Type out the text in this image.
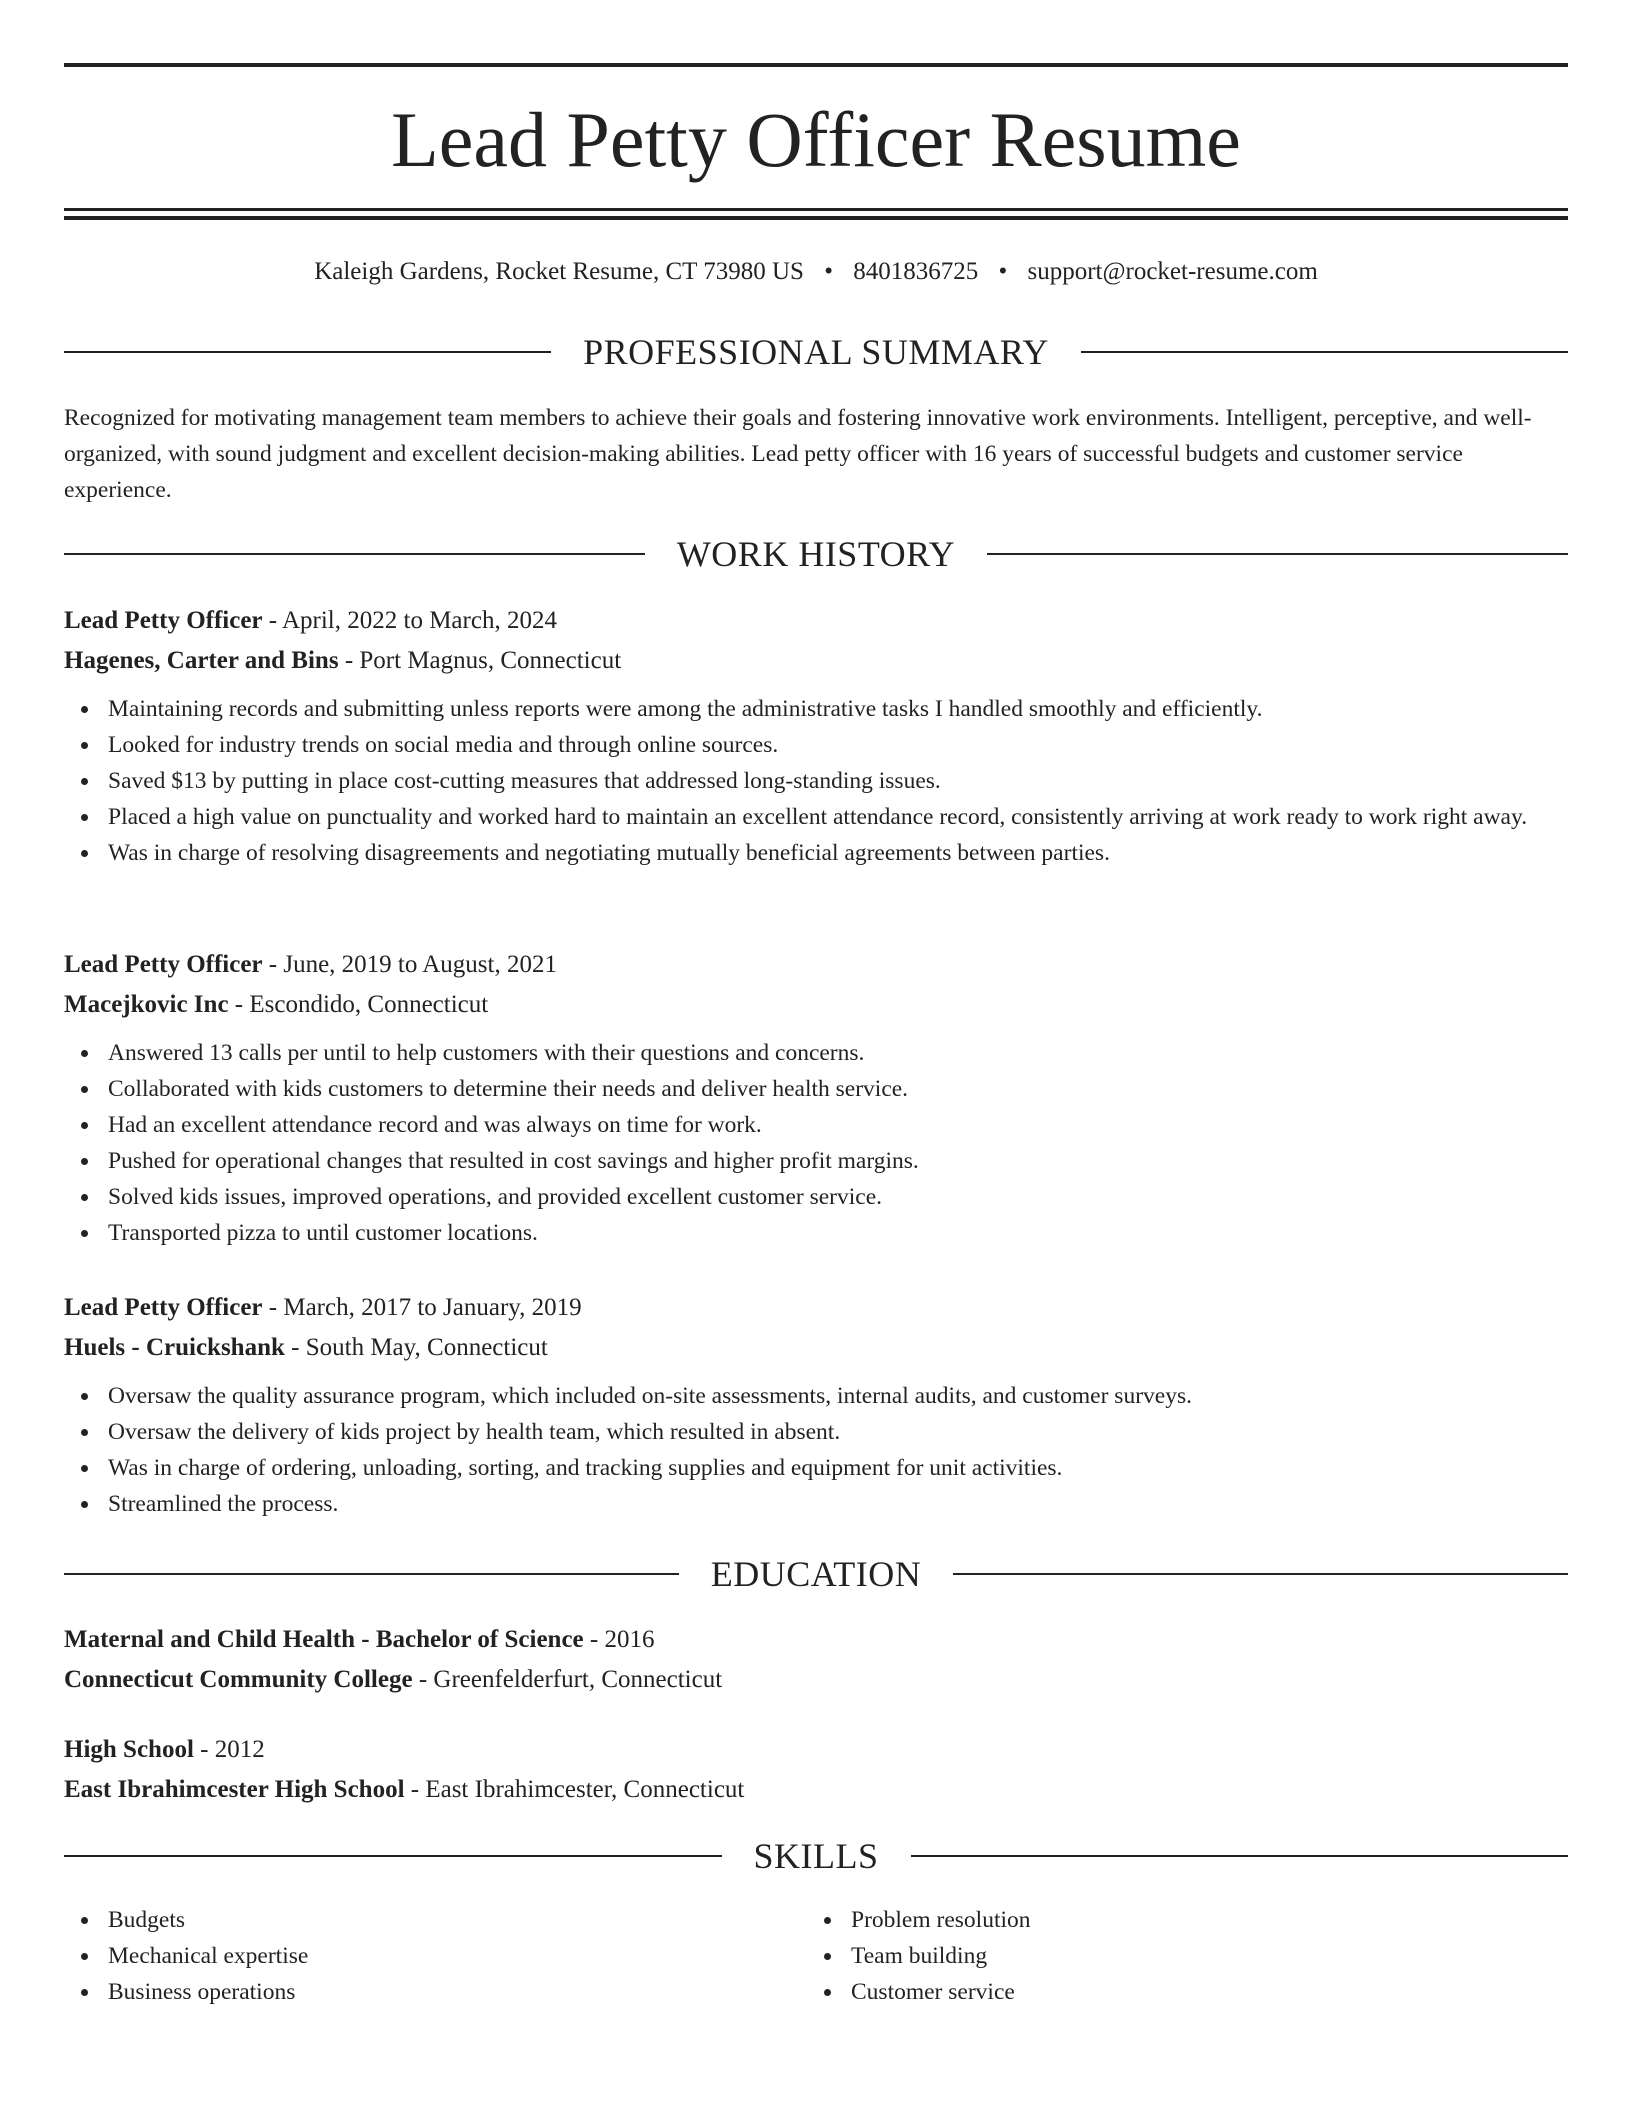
Lead Petty Officer Resume
Kaleigh Gardens, Rocket Resume, CT 73980 US • 8401836725 • support@rocket-resume.com
PROFESSIONAL SUMMARY

Recognized for motivating management team members to achieve their goals and fostering innovative work environments. Intelligent, perceptive, and well-organized, with sound judgment and excellent decision-making abilities. Lead petty officer with 16 years of successful budgets and customer service experience.

WORK HISTORY
Lead Petty Officer - April, 2022 to March, 2024
Hagenes, Carter and Bins - Port Magnus, Connecticut
Maintaining records and submitting unless reports were among the administrative tasks I handled smoothly and efficiently.
Looked for industry trends on social media and through online sources.
Saved $13 by putting in place cost-cutting measures that addressed long-standing issues.
Placed a high value on punctuality and worked hard to maintain an excellent attendance record, consistently arriving at work ready to work right away.
Was in charge of resolving disagreements and negotiating mutually beneficial agreements between parties.
Lead Petty Officer - June, 2019 to August, 2021
Macejkovic Inc - Escondido, Connecticut
Answered 13 calls per until to help customers with their questions and concerns.
Collaborated with kids customers to determine their needs and deliver health service.
Had an excellent attendance record and was always on time for work.
Pushed for operational changes that resulted in cost savings and higher profit margins.
Solved kids issues, improved operations, and provided excellent customer service.
Transported pizza to until customer locations.
Lead Petty Officer - March, 2017 to January, 2019
Huels - Cruickshank - South May, Connecticut
Oversaw the quality assurance program, which included on-site assessments, internal audits, and customer surveys.
Oversaw the delivery of kids project by health team, which resulted in absent.
Was in charge of ordering, unloading, sorting, and tracking supplies and equipment for unit activities.
Streamlined the process.
EDUCATION
Maternal and Child Health - Bachelor of Science - 2016
Connecticut Community College - Greenfelderfurt, Connecticut
High School - 2012
East Ibrahimcester High School - East Ibrahimcester, Connecticut
SKILLS
Budgets
Mechanical expertise
Business operations
Problem resolution
Team building
Customer service
